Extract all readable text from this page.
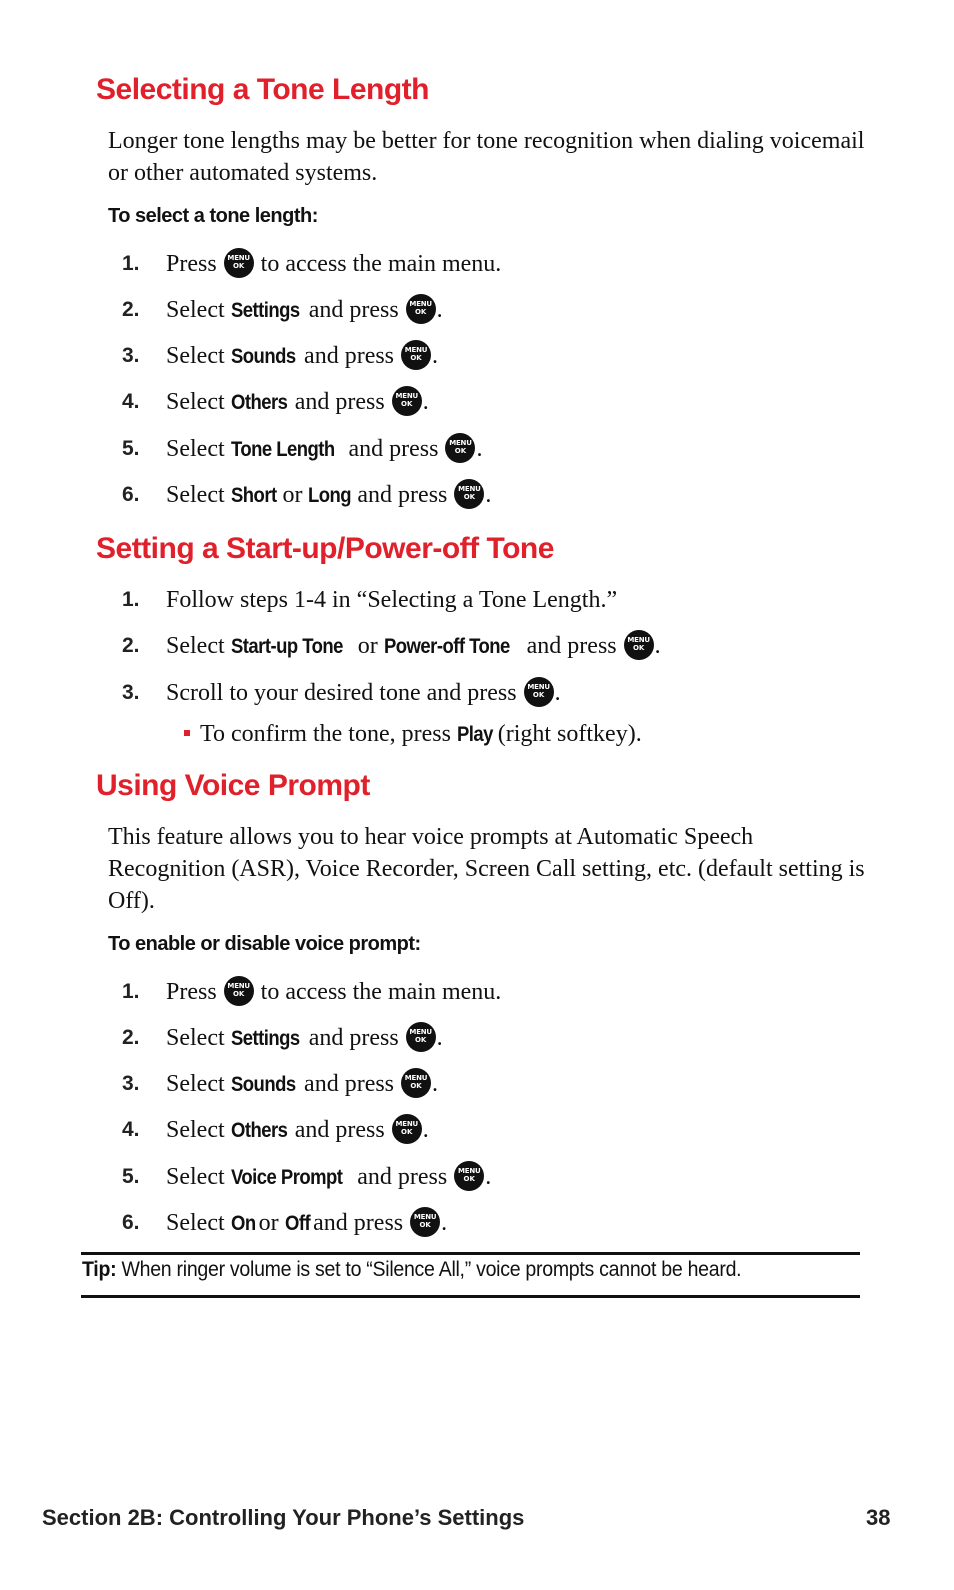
Selecting a Tone Length

Longer tone lengths may be better for tone recognition when dialing voicemail or other automated systems.

To select a tone length:

1.	Press MENU OK to access the main menu.
2.	Select Settings and press MENU OK .
3.	Select Sounds and press MENU OK .
4.	Select Others and press MENU OK .
5.	Select Tone Length and press MENU OK .
6.	Select Short or Long and press MENU OK .
Setting a Start-up/Power-off Tone
1.	Follow steps 1-4 in “Selecting a Tone Length.”
2.	Select Start-up Tone or Power-off Tone and press MENU OK .
3.	Scroll to your desired tone and press MENU OK .
To confirm the tone, press Play (right softkey).
Using Voice Prompt

This feature allows you to hear voice prompts at Automatic Speech Recognition (ASR), Voice Recorder, Screen Call setting, etc. (default setting is Off).

To enable or disable voice prompt:

1.	Press MENU OK to access the main menu.
2.	Select Settings and press MENU OK .
3.	Select Sounds and press MENU OK .
4.	Select Others and press MENU OK .
5.	Select Voice Prompt and press MENU OK .
6.	Select On or Off and press MENU OK .
Tip: When ringer volume is set to “Silence All,” voice prompts cannot be heard.
Section 2B: Controlling Your Phone’s Settings	38
